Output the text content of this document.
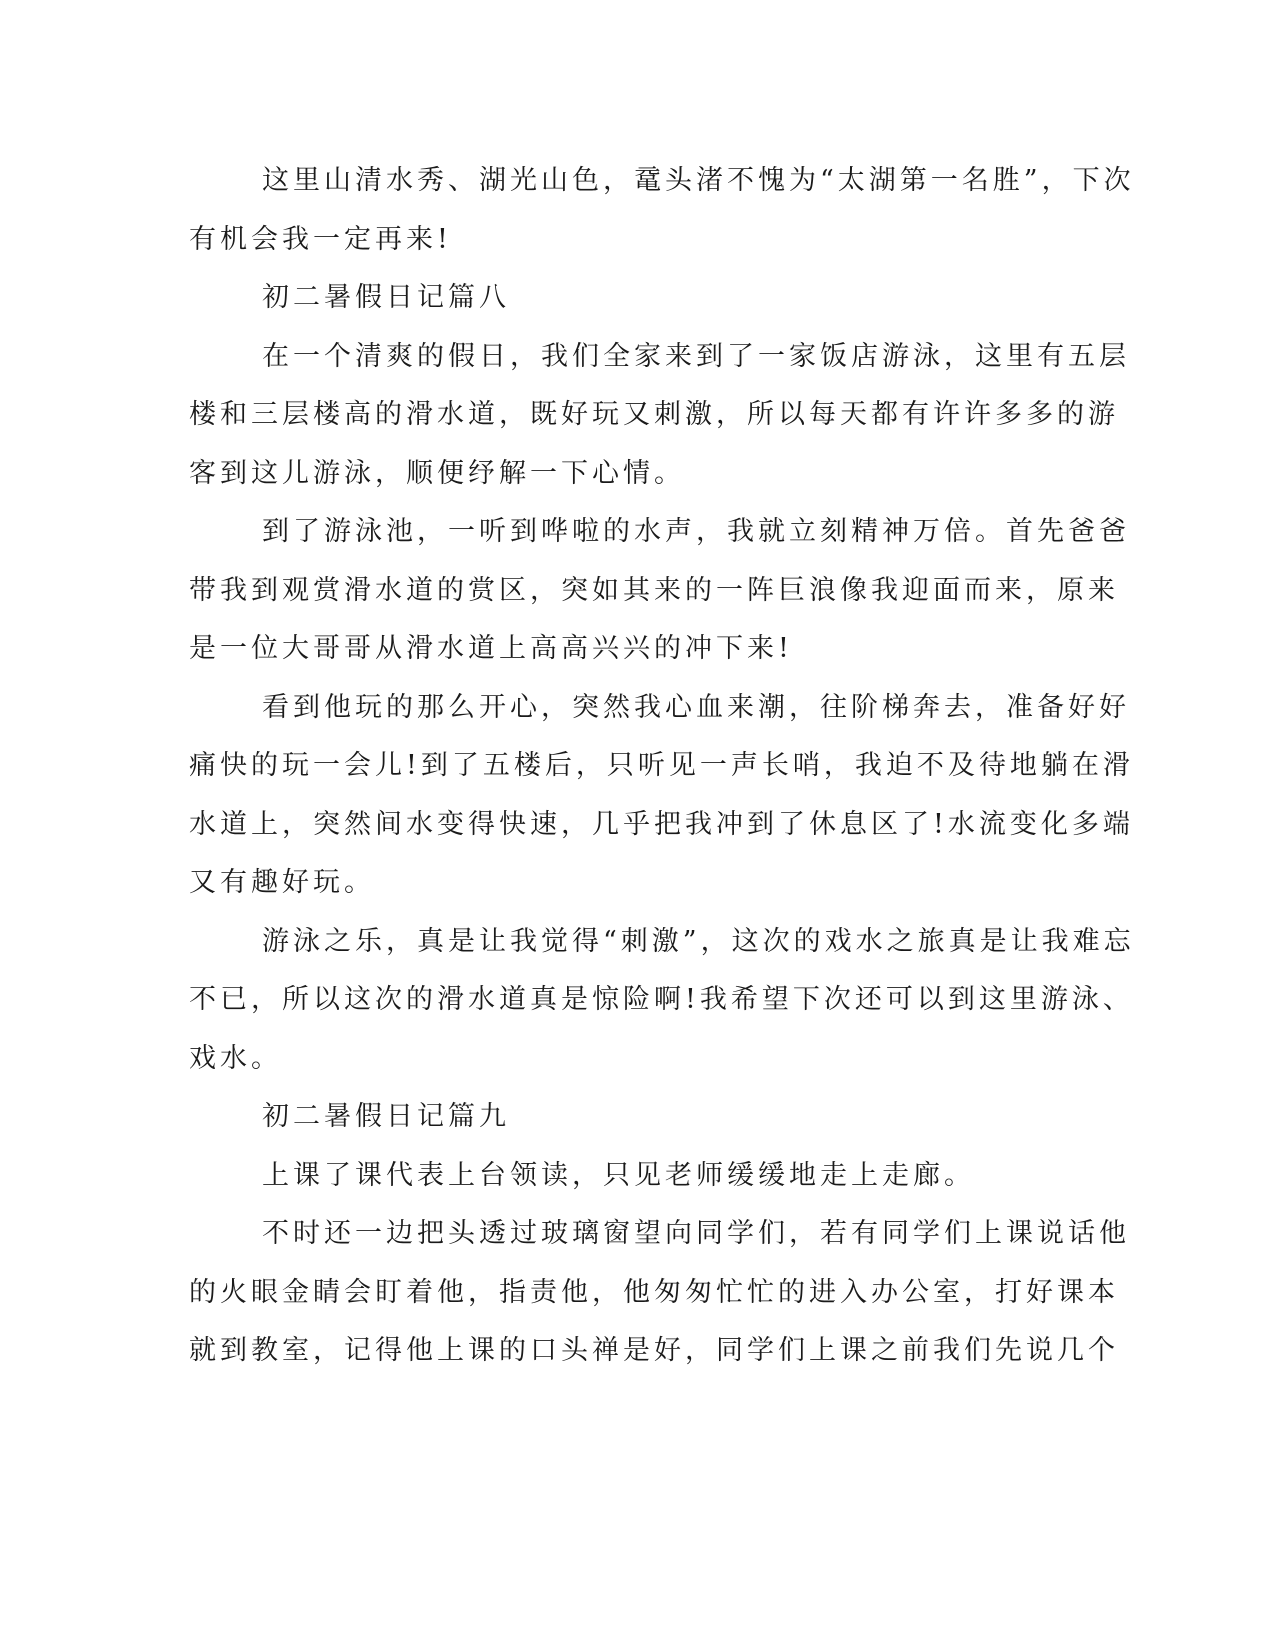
这里山清水秀、湖光山色，鼋头渚不愧为“太湖第一名胜”，下次

有机会我一定再来!

初二暑假日记篇八

在一个清爽的假日，我们全家来到了一家饭店游泳，这里有五层

楼和三层楼高的滑水道，既好玩又刺激，所以每天都有许许多多的游

客到这儿游泳，顺便纾解一下心情。

到了游泳池，一听到哗啦的水声，我就立刻精神万倍。首先爸爸

带我到观赏滑水道的赏区，突如其来的一阵巨浪像我迎面而来，原来

是一位大哥哥从滑水道上高高兴兴的冲下来!

看到他玩的那么开心，突然我心血来潮，往阶梯奔去，准备好好

痛快的玩一会儿!到了五楼后，只听见一声长哨，我迫不及待地躺在滑

水道上，突然间水变得快速，几乎把我冲到了休息区了!水流变化多端

又有趣好玩。

游泳之乐，真是让我觉得“刺激”，这次的戏水之旅真是让我难忘

不已，所以这次的滑水道真是惊险啊!我希望下次还可以到这里游泳、

戏水。

初二暑假日记篇九

上课了课代表上台领读，只见老师缓缓地走上走廊。

不时还一边把头透过玻璃窗望向同学们，若有同学们上课说话他

的火眼金睛会盯着他，指责他，他匆匆忙忙的进入办公室，打好课本

就到教室，记得他上课的口头禅是好，同学们上课之前我们先说几个
